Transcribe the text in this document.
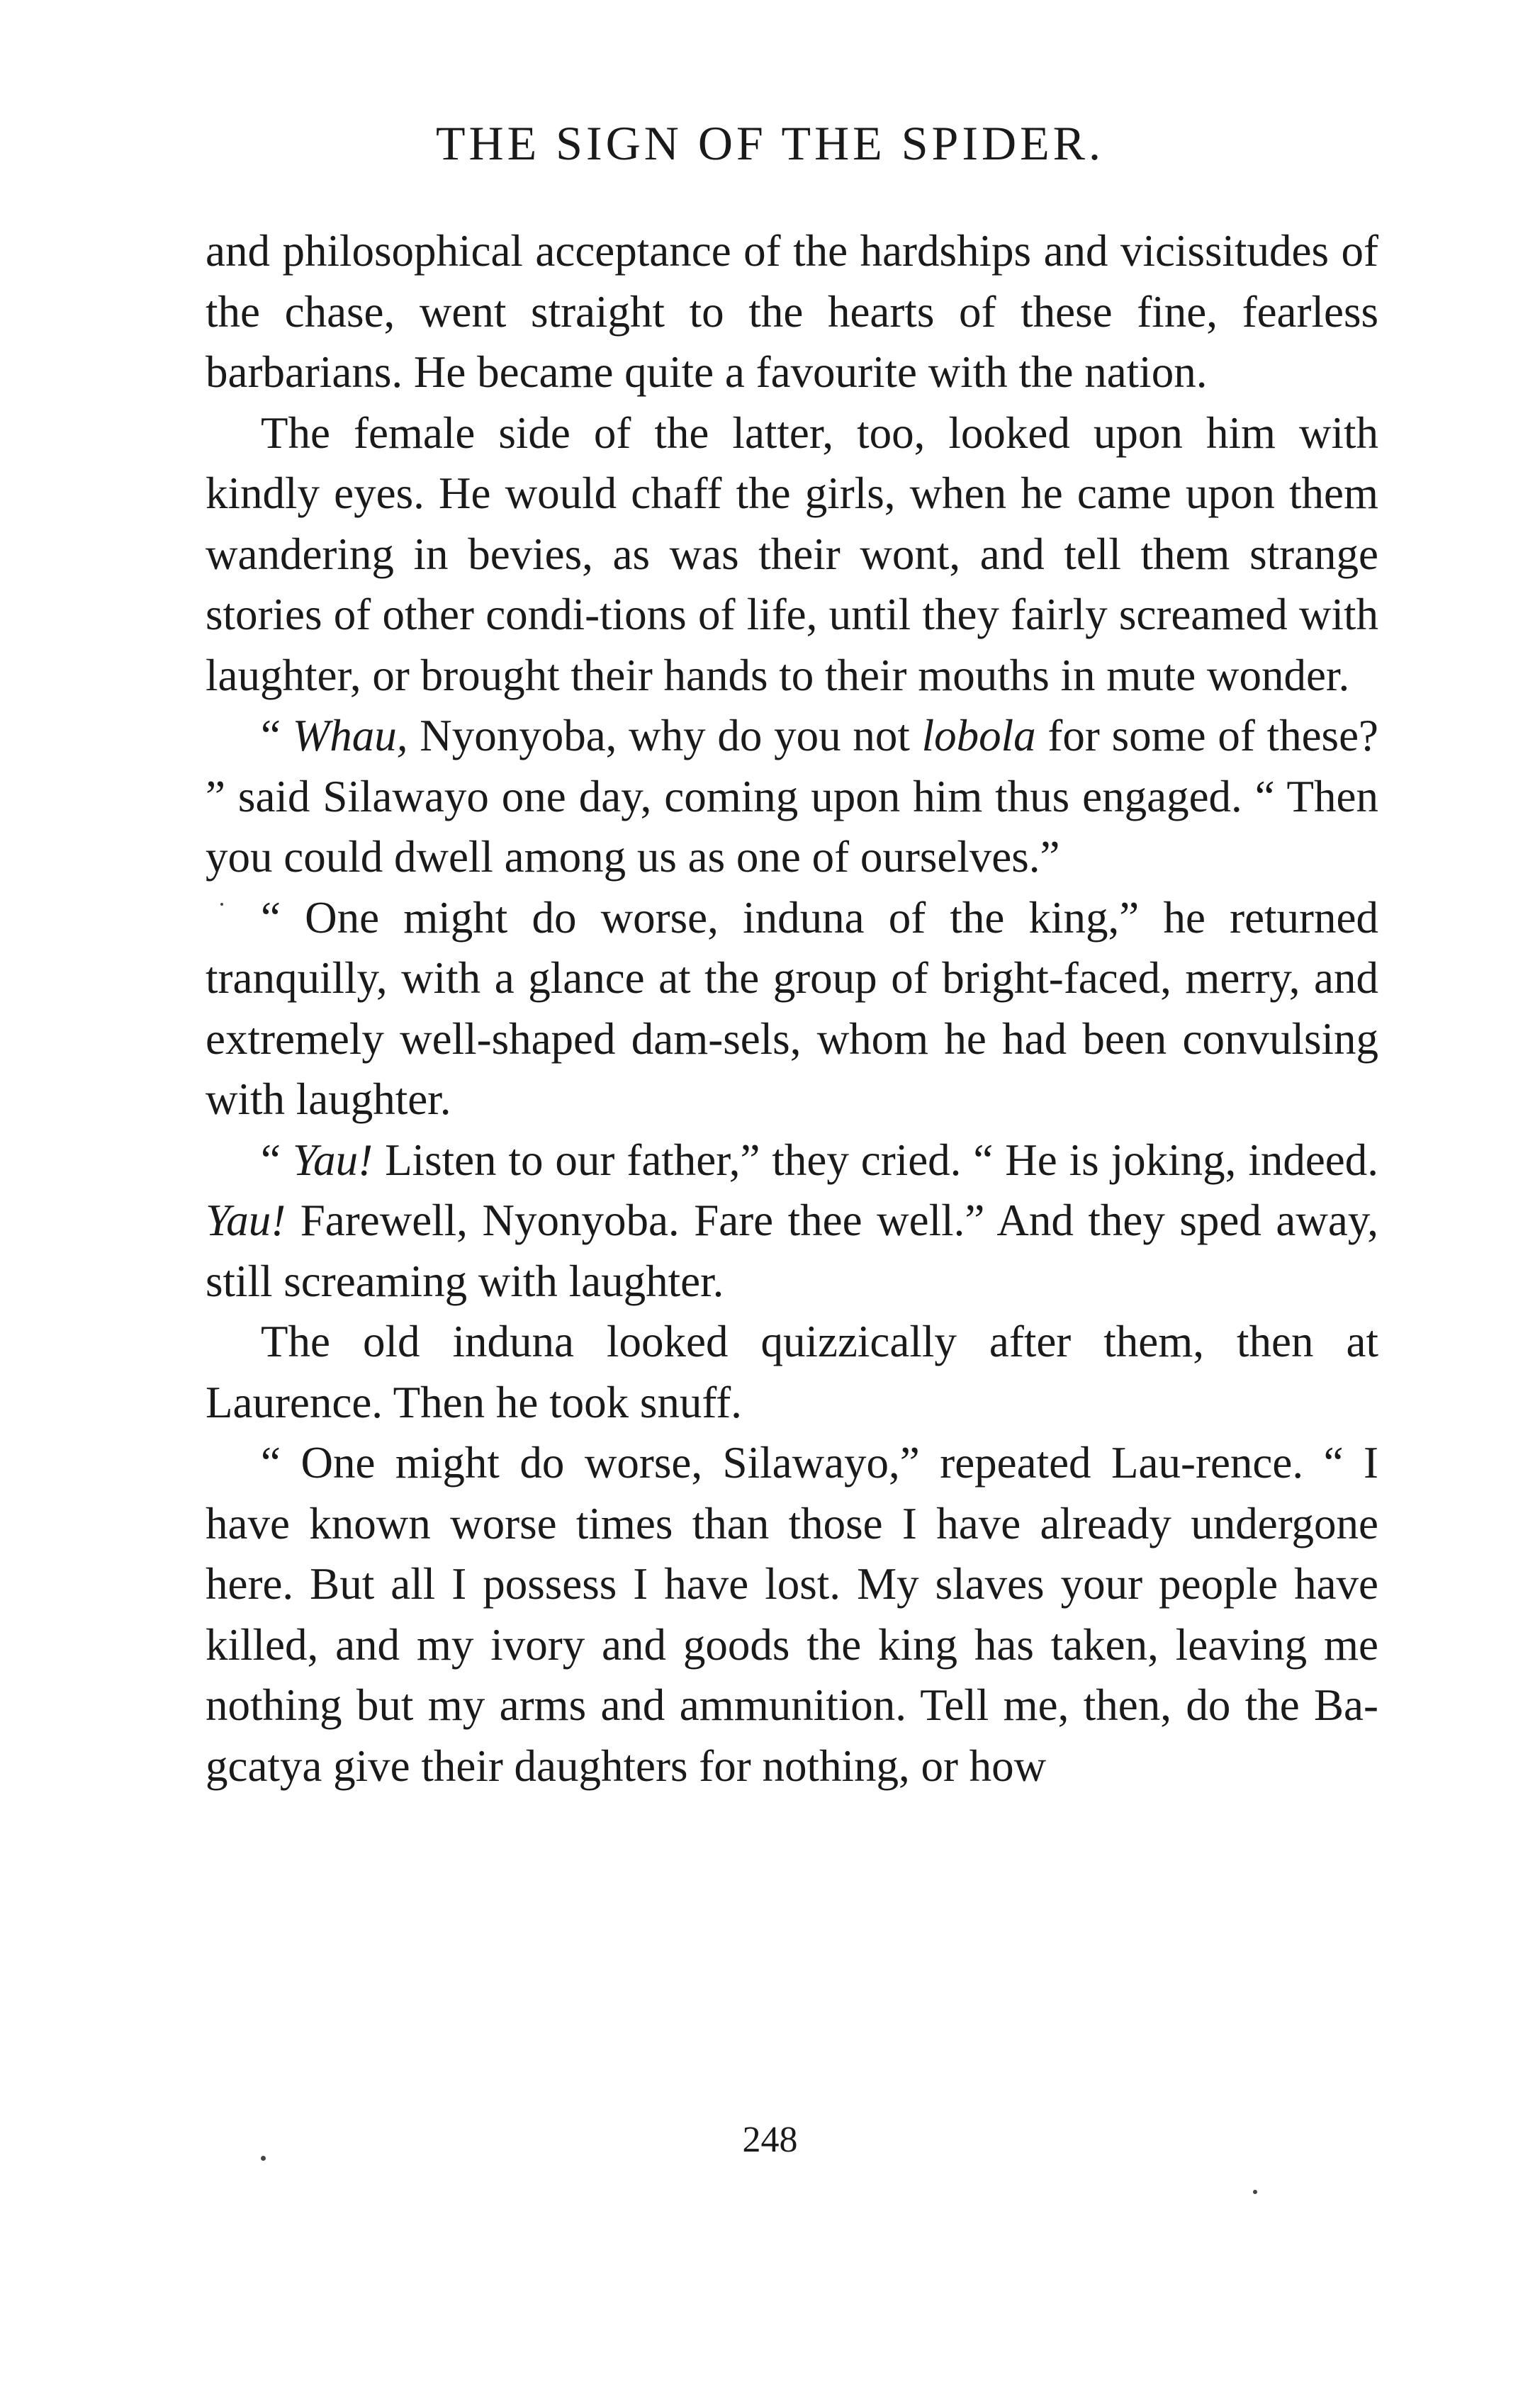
THE SIGN OF THE SPIDER.

and philosophical acceptance of the hardships and vicissitudes of the chase, went straight to the hearts of these fine, fearless barbarians. He became quite a favourite with the nation.

The female side of the latter, too, looked upon him with kindly eyes. He would chaff the girls, when he came upon them wandering in bevies, as was their wont, and tell them strange stories of other condi-tions of life, until they fairly screamed with laughter, or brought their hands to their mouths in mute wonder.

“ Whau, Nyonyoba, why do you not lobola for some of these? ” said Silawayo one day, coming upon him thus engaged. “ Then you could dwell among us as one of ourselves.”

“ One might do worse, induna of the king,” he returned tranquilly, with a glance at the group of bright-faced, merry, and extremely well-shaped dam-sels, whom he had been convulsing with laughter.

“ Yau! Listen to our father,” they cried. “ He is joking, indeed. Yau! Farewell, Nyonyoba. Fare thee well.” And they sped away, still screaming with laughter.

The old induna looked quizzically after them, then at Laurence. Then he took snuff.

“ One might do worse, Silawayo,” repeated Lau-rence. “ I have known worse times than those I have already undergone here. But all I possess I have lost. My slaves your people have killed, and my ivory and goods the king has taken, leaving me nothing but my arms and ammunition. Tell me, then, do the Ba-gcatya give their daughters for nothing, or how

248
